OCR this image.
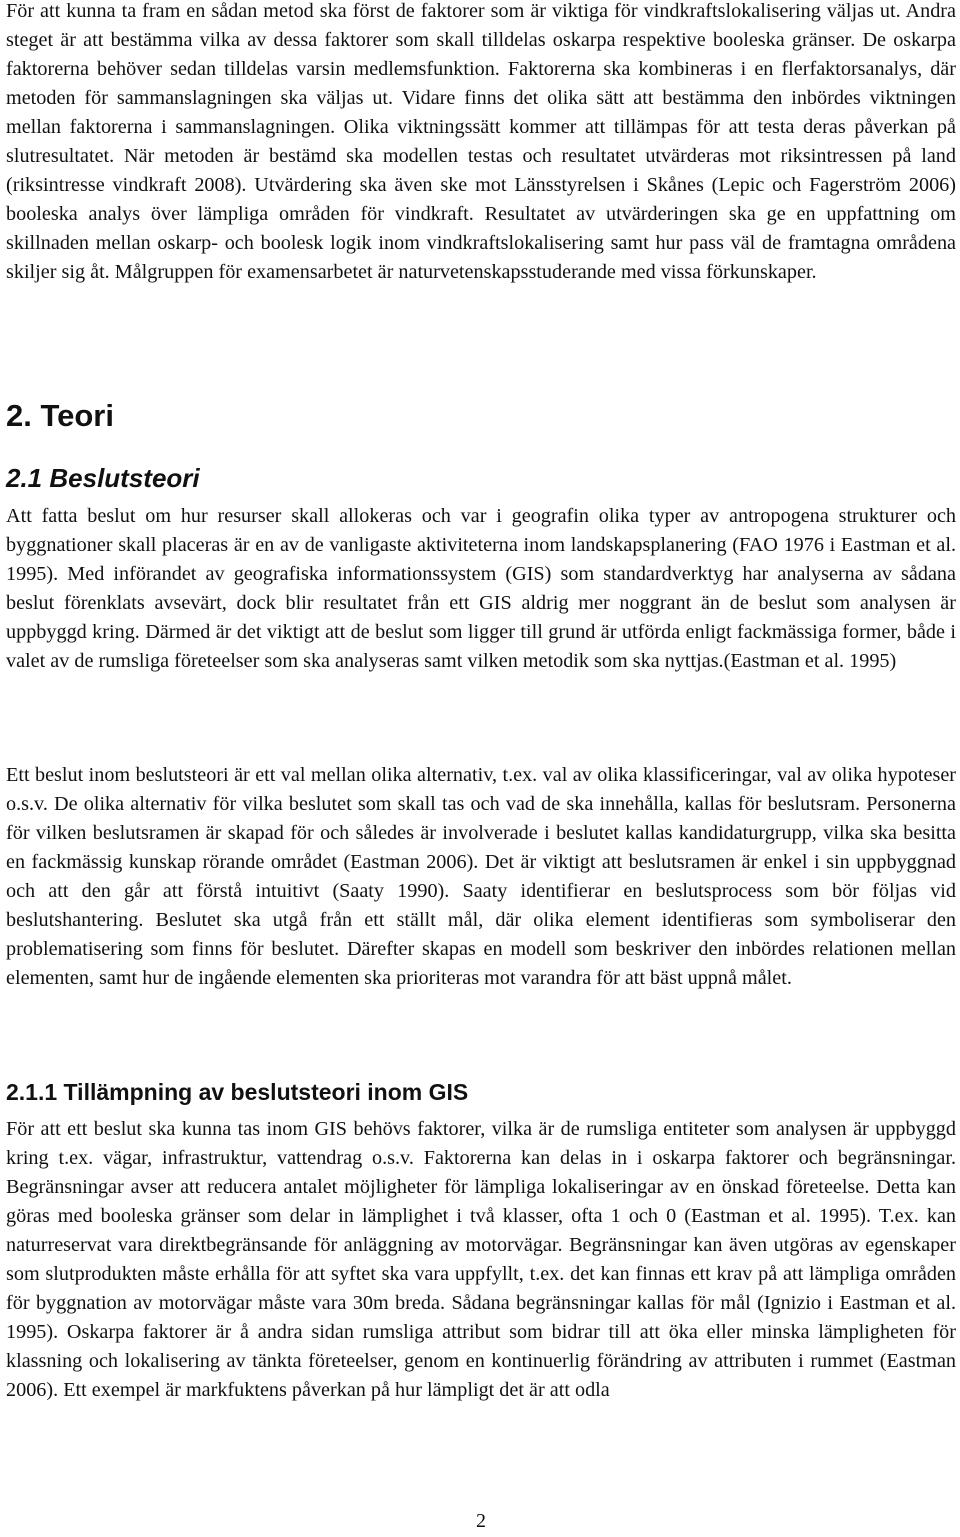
För att kunna ta fram en sådan metod ska först de faktorer som är viktiga för vindkraftslokalisering väljas ut. Andra steget är att bestämma vilka av dessa faktorer som skall tilldelas oskarpa respektive booleska gränser. De oskarpa faktorerna behöver sedan tilldelas varsin medlemsfunktion. Faktorerna ska kombineras i en flerfaktorsanalys, där metoden för sammanslagningen ska väljas ut. Vidare finns det olika sätt att bestämma den inbördes viktningen mellan faktorerna i sammanslagningen. Olika viktningssätt kommer att tillämpas för att testa deras påverkan på slutresultatet. När metoden är bestämd ska modellen testas och resultatet utvärderas mot riksintressen på land (riksintresse vindkraft 2008). Utvärdering ska även ske mot Länsstyrelsen i Skånes (Lepic och Fagerström 2006) booleska analys över lämpliga områden för vindkraft. Resultatet av utvärderingen ska ge en uppfattning om skillnaden mellan oskarp- och boolesk logik inom vindkraftslokalisering samt hur pass väl de framtagna områdena skiljer sig åt. Målgruppen för examensarbetet är naturvetenskapsstuderande med vissa förkunskaper.

2. Teori
2.1 Beslutsteori

Att fatta beslut om hur resurser skall allokeras och var i geografin olika typer av antropogena strukturer och byggnationer skall placeras är en av de vanligaste aktiviteterna inom landskapsplanering (FAO 1976 i Eastman et al. 1995). Med införandet av geografiska informationssystem (GIS) som standardverktyg har analyserna av sådana beslut förenklats avsevärt, dock blir resultatet från ett GIS aldrig mer noggrant än de beslut som analysen är uppbyggd kring. Därmed är det viktigt att de beslut som ligger till grund är utförda enligt fackmässiga former, både i valet av de rumsliga företeelser som ska analyseras samt vilken metodik som ska nyttjas.(Eastman et al. 1995)

Ett beslut inom beslutsteori är ett val mellan olika alternativ, t.ex. val av olika klassificeringar, val av olika hypoteser o.s.v. De olika alternativ för vilka beslutet som skall tas och vad de ska innehålla, kallas för beslutsram. Personerna för vilken beslutsramen är skapad för och således är involverade i beslutet kallas kandidaturgrupp, vilka ska besitta en fackmässig kunskap rörande området (Eastman 2006). Det är viktigt att beslutsramen är enkel i sin uppbyggnad och att den går att förstå intuitivt (Saaty 1990). Saaty identifierar en beslutsprocess som bör följas vid beslutshantering. Beslutet ska utgå från ett ställt mål, där olika element identifieras som symboliserar den problematisering som finns för beslutet. Därefter skapas en modell som beskriver den inbördes relationen mellan elementen, samt hur de ingående elementen ska prioriteras mot varandra för att bäst uppnå målet.

2.1.1 Tillämpning av beslutsteori inom GIS

För att ett beslut ska kunna tas inom GIS behövs faktorer, vilka är de rumsliga entiteter som analysen är uppbyggd kring t.ex. vägar, infrastruktur, vattendrag o.s.v. Faktorerna kan delas in i oskarpa faktorer och begränsningar. Begränsningar avser att reducera antalet möjligheter för lämpliga lokaliseringar av en önskad företeelse. Detta kan göras med booleska gränser som delar in lämplighet i två klasser, ofta 1 och 0 (Eastman et al. 1995). T.ex. kan naturreservat vara direktbegränsande för anläggning av motorvägar. Begränsningar kan även utgöras av egenskaper som slutprodukten måste erhålla för att syftet ska vara uppfyllt, t.ex. det kan finnas ett krav på att lämpliga områden för byggnation av motorvägar måste vara 30m breda. Sådana begränsningar kallas för mål (Ignizio i Eastman et al. 1995). Oskarpa faktorer är å andra sidan rumsliga attribut som bidrar till att öka eller minska lämpligheten för klassning och lokalisering av tänkta företeelser, genom en kontinuerlig förändring av attributen i rummet (Eastman 2006). Ett exempel är markfuktens påverkan på hur lämpligt det är att odla

2
